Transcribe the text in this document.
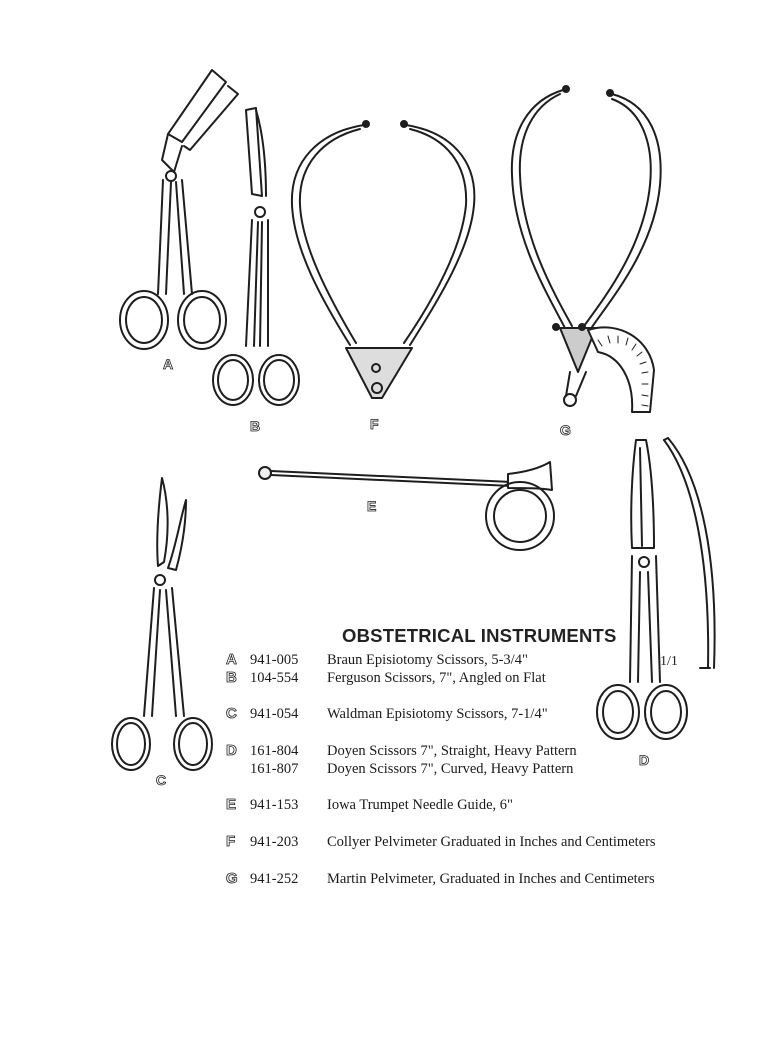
A
B	F	G
E
C
D
1/1
OBSTETRICAL INSTRUMENTS
A 941-005 Braun Episiotomy Scissors, 5-3/4"
B 104-554 Ferguson Scissors, 7", Angled on Flat
C 941-054 Waldman Episiotomy Scissors, 7-1/4"
D 161-804 Doyen Scissors 7", Straight, Heavy Pattern
161-807 Doyen Scissors 7", Curved, Heavy Pattern
E 941-153 Iowa Trumpet Needle Guide, 6"
F 941-203 Collyer Pelvimeter Graduated in Inches and Centimeters
G 941-252 Martin Pelvimeter, Graduated in Inches and Centimeters
